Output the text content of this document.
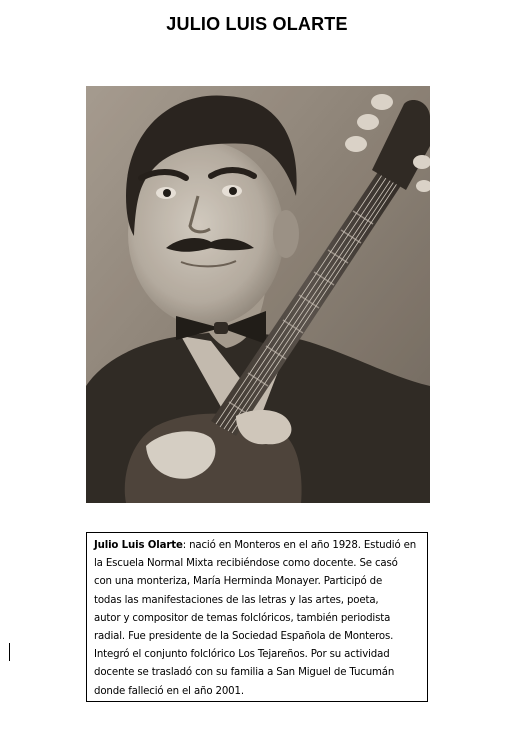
JULIO LUIS OLARTE
Julio Luis Olarte: nació en Monteros en el año 1928. Estudió en
la Escuela Normal Mixta recibiéndose como docente. Se casó
con una monteriza, María Herminda Monayer. Participó de
todas las manifestaciones de las letras y las artes, poeta,
autor y compositor de temas folclóricos, también periodista
radial. Fue presidente de la Sociedad Española de Monteros.
Integró el conjunto folclórico Los Tejareños. Por su actividad
docente se trasladó con su familia a San Miguel de Tucumán
donde falleció en el año 2001.
